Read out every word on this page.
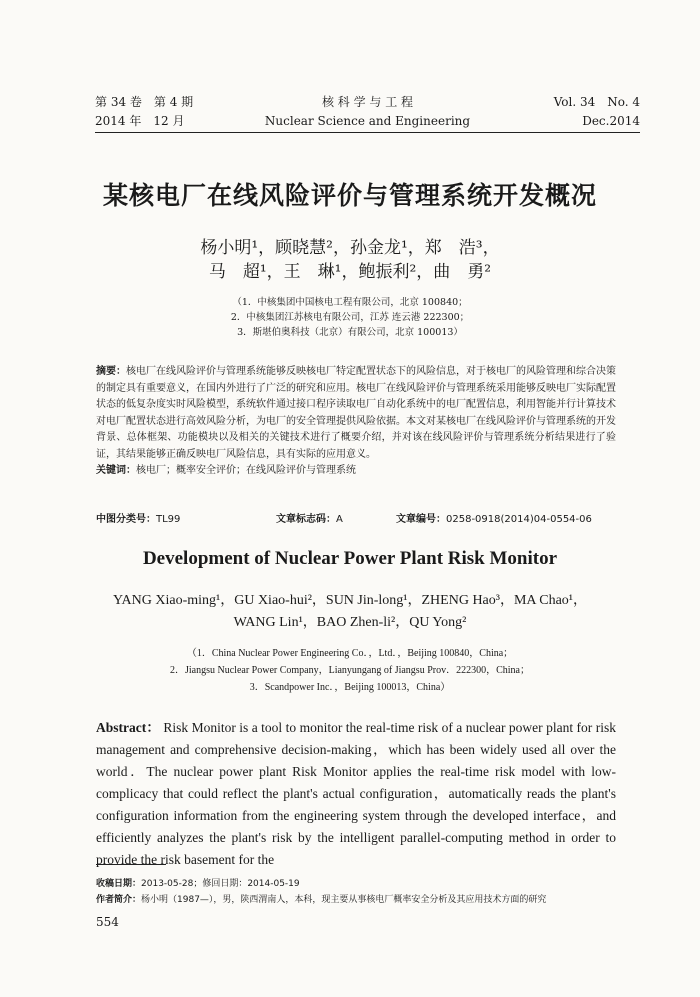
第 34 卷　第 4 期
2014 年　12 月
核 科 学 与 工 程
Nuclear Science and Engineering
Vol. 34　No. 4
Dec.2014
某核电厂在线风险评价与管理系统开发概况
杨小明¹，顾晓慧²，孙金龙¹，郑　浩³，
马　超¹，王　琳¹，鲍振利²，曲　勇²
（1．中核集团中国核电工程有限公司，北京 100840；
2．中核集团江苏核电有限公司，江苏 连云港 222300；
3．斯堪伯奥科技（北京）有限公司，北京 100013）
摘要：核电厂在线风险评价与管理系统能够反映核电厂特定配置状态下的风险信息，对于核电厂的风险管理和综合决策的制定具有重要意义，在国内外进行了广泛的研究和应用。核电厂在线风险评价与管理系统采用能够反映电厂实际配置状态的低复杂度实时风险模型，系统软件通过接口程序读取电厂自动化系统中的电厂配置信息，利用智能并行计算技术对电厂配置状态进行高效风险分析，为电厂的安全管理提供风险依据。本文对某核电厂在线风险评价与管理系统的开发背景、总体框架、功能模块以及相关的关键技术进行了概要介绍，并对该在线风险评价与管理系统分析结果进行了验证，其结果能够正确反映电厂风险信息，具有实际的应用意义。
关键词：核电厂；概率安全评价；在线风险评价与管理系统
中图分类号：TL99	文章标志码：A	文章编号：0258-0918(2014)04-0554-06
Development of Nuclear Power Plant Risk Monitor
YANG Xiao-ming¹，GU Xiao-hui²，SUN Jin-long¹，ZHENG Hao³，MA Chao¹，
WANG Lin¹，BAO Zhen-li²，QU Yong²
（1．China Nuclear Power Engineering Co．，Ltd．，Beijing 100840，China；
2．Jiangsu Nuclear Power Company，Lianyungang of Jiangsu Prov．222300，China；
3．Scandpower Inc．，Beijing 100013，China）
Abstract： Risk Monitor is a tool to monitor the real-time risk of a nuclear power plant for risk management and comprehensive decision-making，which has been widely used all over the world．The nuclear power plant Risk Monitor applies the real-time risk model with low-complicacy that could reflect the plant's actual configuration，automatically reads the plant's configuration information from the engineering system through the developed interface，and efficiently analyzes the plant's risk by the intelligent parallel-computing method in order to provide the risk basement for the
收稿日期：2013-05-28；修回日期：2014-05-19
作者简介：杨小明（1987—），男，陕西渭南人，本科，现主要从事核电厂概率安全分析及其应用技术方面的研究
554
